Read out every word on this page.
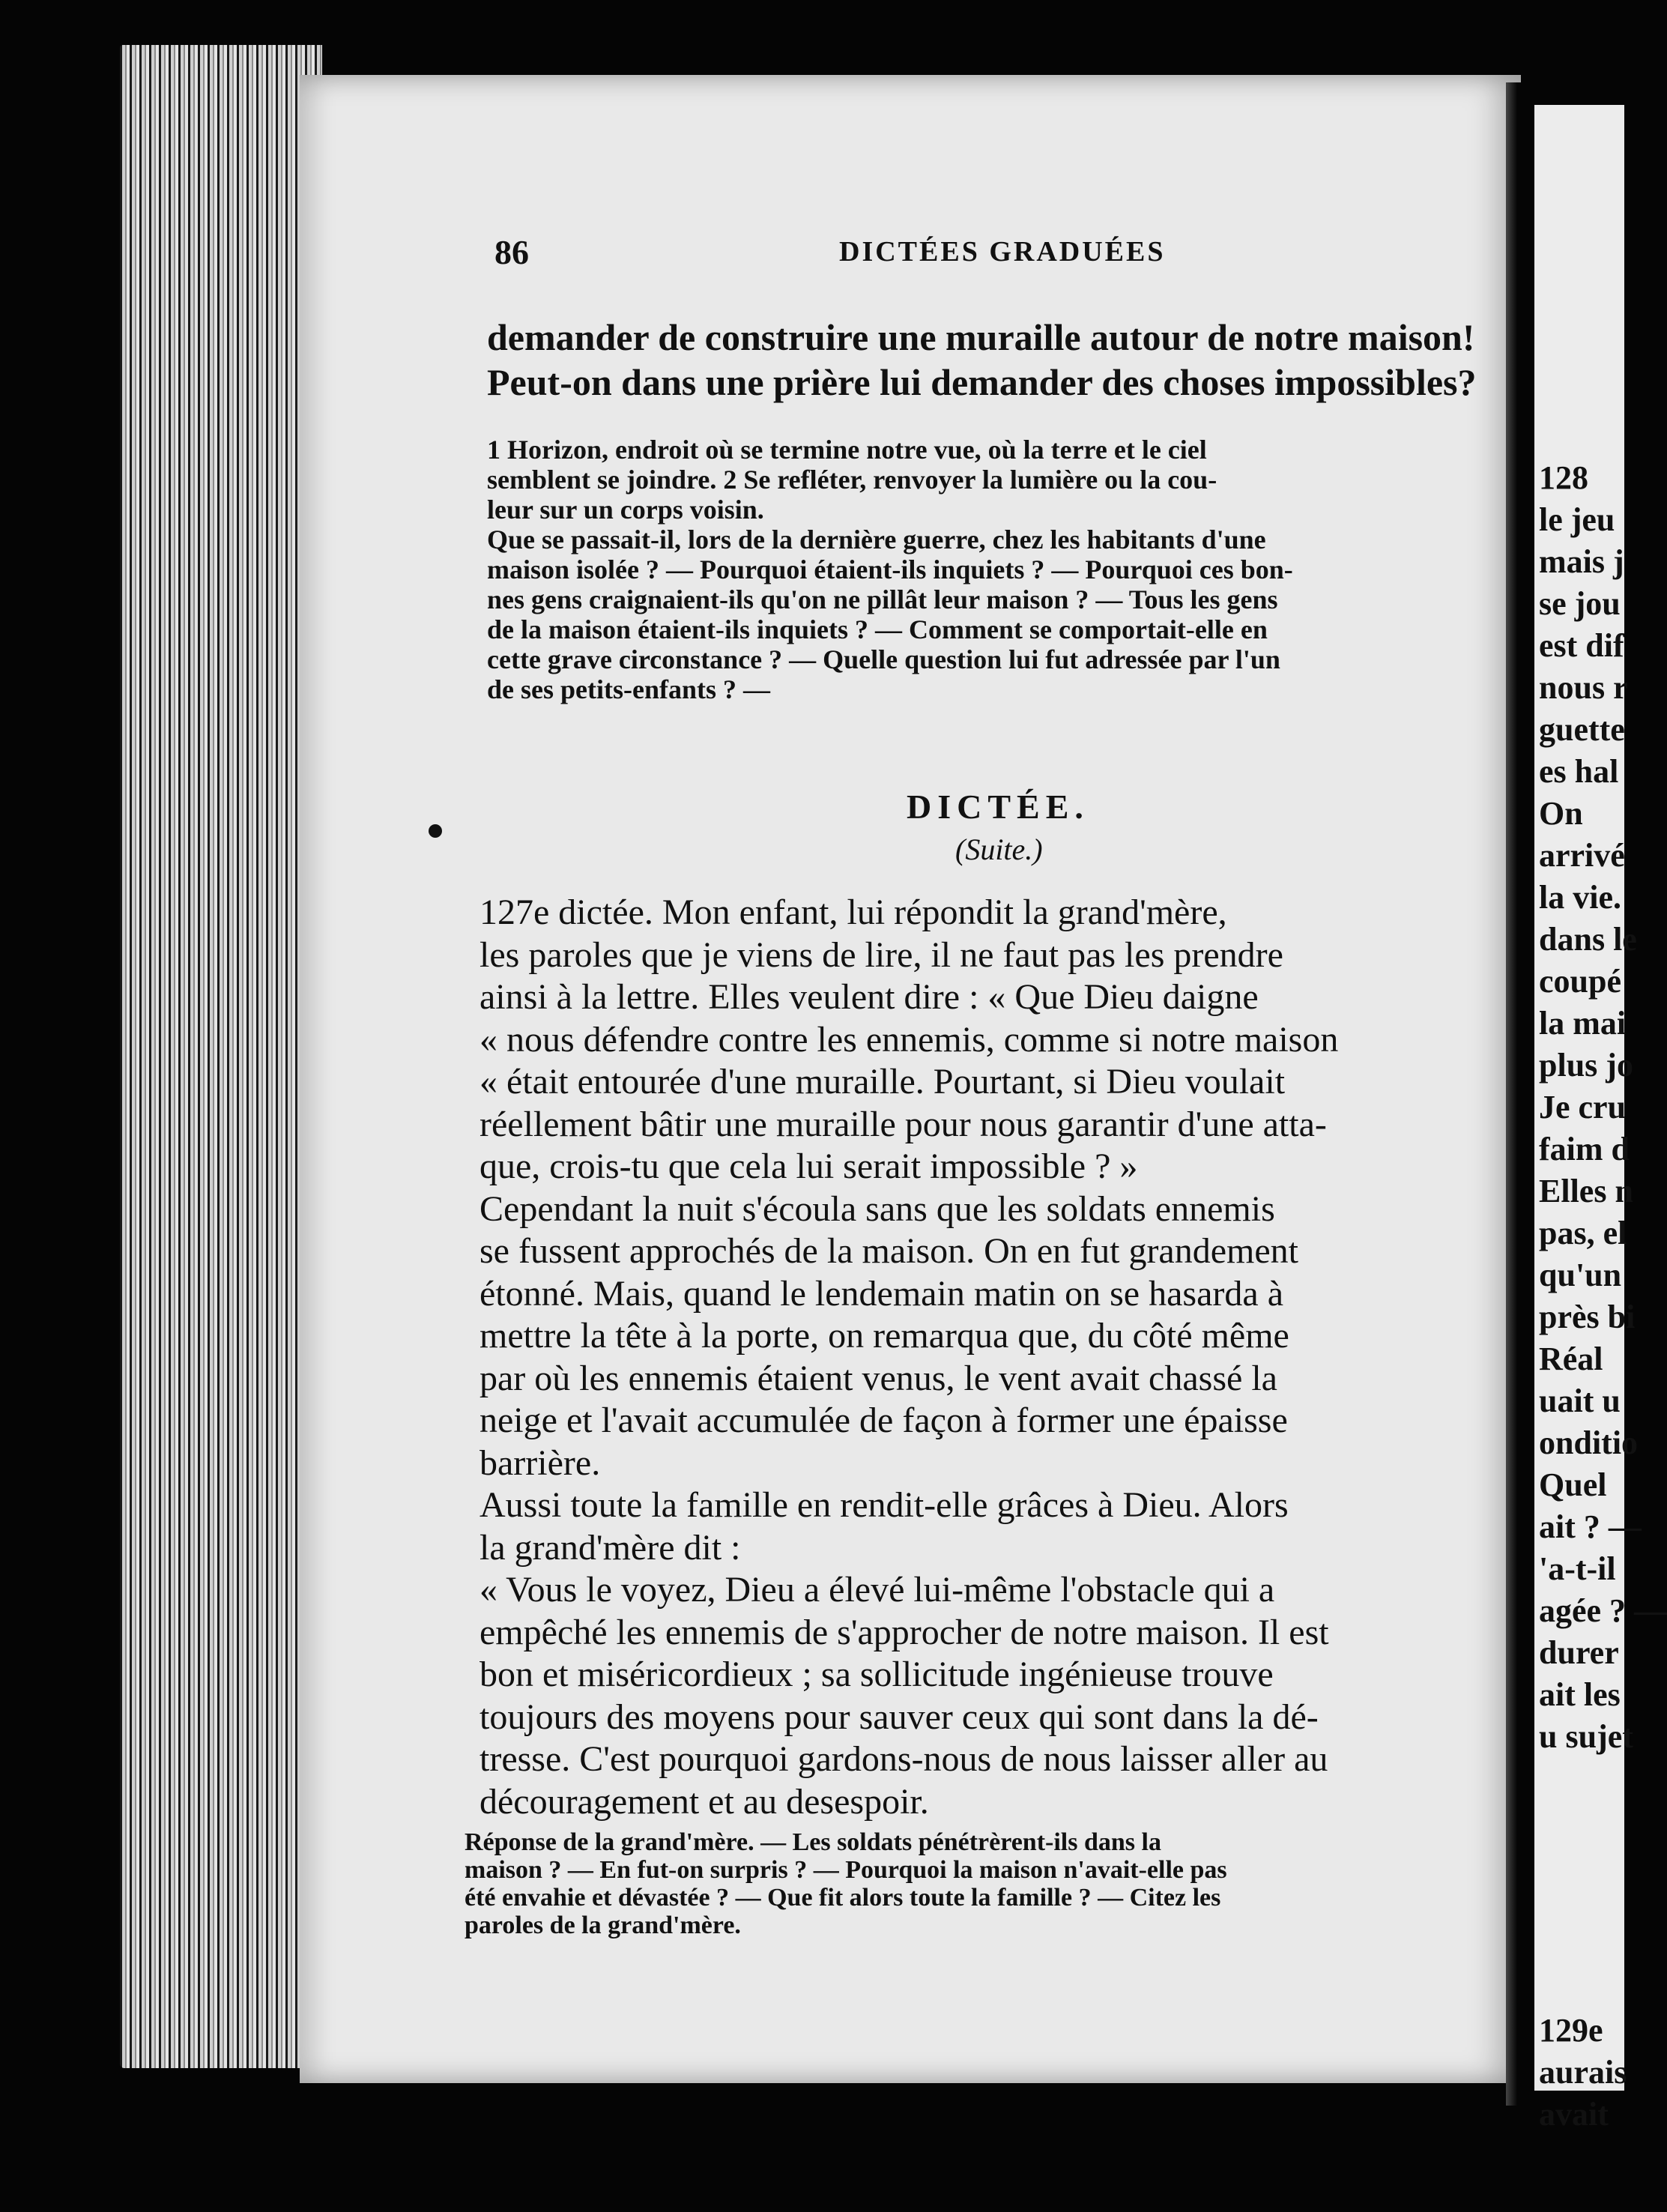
128
le jeu
mais j
se jou
est dif
nous r
guette
es hal
On
arrivé
la vie.
dans le
coupé
la mai
plus jo
Je cru
faim d
Elles n
pas, el
qu'un
près bi
Réal
uait u
onditio
Quel
ait ? —
'a-t-il
agée ? —
durer
ait les
u sujet

129e
aurais
avait
86	DICTÉES GRADUÉES
demander de construire une muraille autour de notre maison!
Peut-on dans une prière lui demander des choses impossibles?
1 Horizon, endroit où se termine notre vue, où la terre et le ciel
semblent se joindre. 2 Se refléter, renvoyer la lumière ou la cou-
leur sur un corps voisin.
Que se passait-il, lors de la dernière guerre, chez les habitants d'une
maison isolée ? — Pourquoi étaient-ils inquiets ? — Pourquoi ces bon-
nes gens craignaient-ils qu'on ne pillât leur maison ? — Tous les gens
de la maison étaient-ils inquiets ? — Comment se comportait-elle en
cette grave circonstance ? — Quelle question lui fut adressée par l'un
de ses petits-enfants ? —
DICTÉE.
(Suite.)
127e dictée. Mon enfant, lui répondit la grand'mère,
les paroles que je viens de lire, il ne faut pas les prendre
ainsi à la lettre. Elles veulent dire : « Que Dieu daigne
« nous défendre contre les ennemis, comme si notre maison
« était entourée d'une muraille. Pourtant, si Dieu voulait
réellement bâtir une muraille pour nous garantir d'une atta-
que, crois-tu que cela lui serait impossible ? »
Cependant la nuit s'écoula sans que les soldats ennemis
se fussent approchés de la maison. On en fut grandement
étonné. Mais, quand le lendemain matin on se hasarda à
mettre la tête à la porte, on remarqua que, du côté même
par où les ennemis étaient venus, le vent avait chassé la
neige et l'avait accumulée de façon à former une épaisse
barrière.
Aussi toute la famille en rendit-elle grâces à Dieu. Alors
la grand'mère dit :
« Vous le voyez, Dieu a élevé lui-même l'obstacle qui a
empêché les ennemis de s'approcher de notre maison. Il est
bon et miséricordieux ; sa sollicitude ingénieuse trouve
toujours des moyens pour sauver ceux qui sont dans la dé-
tresse. C'est pourquoi gardons-nous de nous laisser aller au
découragement et au desespoir.
Réponse de la grand'mère. — Les soldats pénétrèrent-ils dans la
maison ? — En fut-on surpris ? — Pourquoi la maison n'avait-elle pas
été envahie et dévastée ? — Que fit alors toute la famille ? — Citez les
paroles de la grand'mère.
